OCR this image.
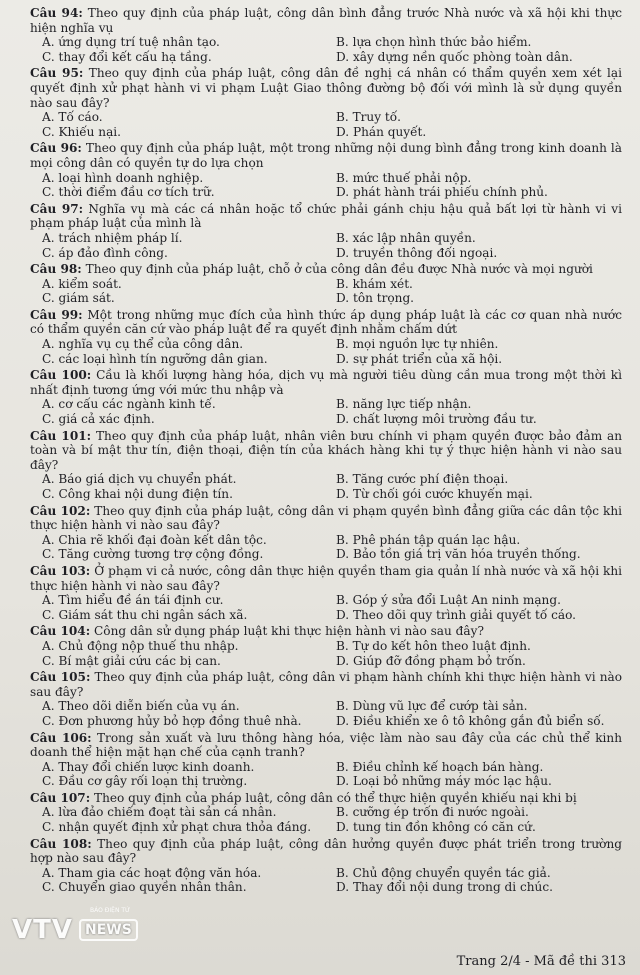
Câu 94: Theo quy định của pháp luật, công dân bình đẳng trước Nhà nước và xã hội khi thực hiện nghĩa vụ
A. ứng dụng trí tuệ nhân tạo.	B. lựa chọn hình thức bảo hiểm.
C. thay đổi kết cấu hạ tầng.	D. xây dựng nền quốc phòng toàn dân.
Câu 95: Theo quy định của pháp luật, công dân đề nghị cá nhân có thẩm quyền xem xét lại quyết định xử phạt hành vi vi phạm Luật Giao thông đường bộ đối với mình là sử dụng quyền nào sau đây?
A. Tố cáo.	B. Truy tố.
C. Khiếu nại.	D. Phán quyết.
Câu 96: Theo quy định của pháp luật, một trong những nội dung bình đẳng trong kinh doanh là mọi công dân có quyền tự do lựa chọn
A. loại hình doanh nghiệp.	B. mức thuế phải nộp.
C. thời điểm đầu cơ tích trữ.	D. phát hành trái phiếu chính phủ.
Câu 97: Nghĩa vụ mà các cá nhân hoặc tổ chức phải gánh chịu hậu quả bất lợi từ hành vi vi phạm pháp luật của mình là
A. trách nhiệm pháp lí.	B. xác lập nhân quyền.
C. áp đảo đình công.	D. truyền thông đối ngoại.
Câu 98: Theo quy định của pháp luật, chỗ ở của công dân đều được Nhà nước và mọi người
A. kiểm soát.	B. khám xét.
C. giám sát.	D. tôn trọng.
Câu 99: Một trong những mục đích của hình thức áp dụng pháp luật là các cơ quan nhà nước có thẩm quyền căn cứ vào pháp luật để ra quyết định nhằm chấm dứt
A. nghĩa vụ cụ thể của công dân.	B. mọi nguồn lực tự nhiên.
C. các loại hình tín ngưỡng dân gian.	D. sự phát triển của xã hội.
Câu 100: Cầu là khối lượng hàng hóa, dịch vụ mà người tiêu dùng cần mua trong một thời kì nhất định tương ứng với mức thu nhập và
A. cơ cấu các ngành kinh tế.	B. năng lực tiếp nhận.
C. giá cả xác định.	D. chất lượng môi trường đầu tư.
Câu 101: Theo quy định của pháp luật, nhân viên bưu chính vi phạm quyền được bảo đảm an toàn và bí mật thư tín, điện thoại, điện tín của khách hàng khi tự ý thực hiện hành vi nào sau đây?
A. Báo giá dịch vụ chuyển phát.	B. Tăng cước phí điện thoại.
C. Công khai nội dung điện tín.	D. Từ chối gói cước khuyến mại.
Câu 102: Theo quy định của pháp luật, công dân vi phạm quyền bình đẳng giữa các dân tộc khi thực hiện hành vi nào sau đây?
A. Chia rẽ khối đại đoàn kết dân tộc.	B. Phê phán tập quán lạc hậu.
C. Tăng cường tương trợ cộng đồng.	D. Bảo tồn giá trị văn hóa truyền thống.
Câu 103: Ở phạm vi cả nước, công dân thực hiện quyền tham gia quản lí nhà nước và xã hội khi thực hiện hành vi nào sau đây?
A. Tìm hiểu đề án tái định cư.	B. Góp ý sửa đổi Luật An ninh mạng.
C. Giám sát thu chi ngân sách xã.	D. Theo dõi quy trình giải quyết tố cáo.
Câu 104: Công dân sử dụng pháp luật khi thực hiện hành vi nào sau đây?
A. Chủ động nộp thuế thu nhập.	B. Tự do kết hôn theo luật định.
C. Bí mật giải cứu các bị can.	D. Giúp đỡ đồng phạm bỏ trốn.
Câu 105: Theo quy định của pháp luật, công dân vi phạm hành chính khi thực hiện hành vi nào sau đây?
A. Theo dõi diễn biến của vụ án.	B. Dùng vũ lực để cướp tài sản.
C. Đơn phương hủy bỏ hợp đồng thuê nhà.	D. Điều khiển xe ô tô không gắn đủ biển số.
Câu 106: Trong sản xuất và lưu thông hàng hóa, việc làm nào sau đây của các chủ thể kinh doanh thể hiện mặt hạn chế của cạnh tranh?
A. Thay đổi chiến lược kinh doanh.	B. Điều chỉnh kế hoạch bán hàng.
C. Đầu cơ gây rối loạn thị trường.	D. Loại bỏ những máy móc lạc hậu.
Câu 107: Theo quy định của pháp luật, công dân có thể thực hiện quyền khiếu nại khi bị
A. lừa đảo chiếm đoạt tài sản cá nhân.	B. cưỡng ép trốn đi nước ngoài.
C. nhận quyết định xử phạt chưa thỏa đáng.	D. tung tin đồn không có căn cứ.
Câu 108: Theo quy định của pháp luật, công dân hưởng quyền được phát triển trong trường hợp nào sau đây?
A. Tham gia các hoạt động văn hóa.	B. Chủ động chuyển quyền tác giả.
C. Chuyển giao quyền nhân thân.	D. Thay đổi nội dung trong di chúc.
BÁO ĐIỆN TỬ
VTV NEWS
Trang 2/4 - Mã đề thi 313
